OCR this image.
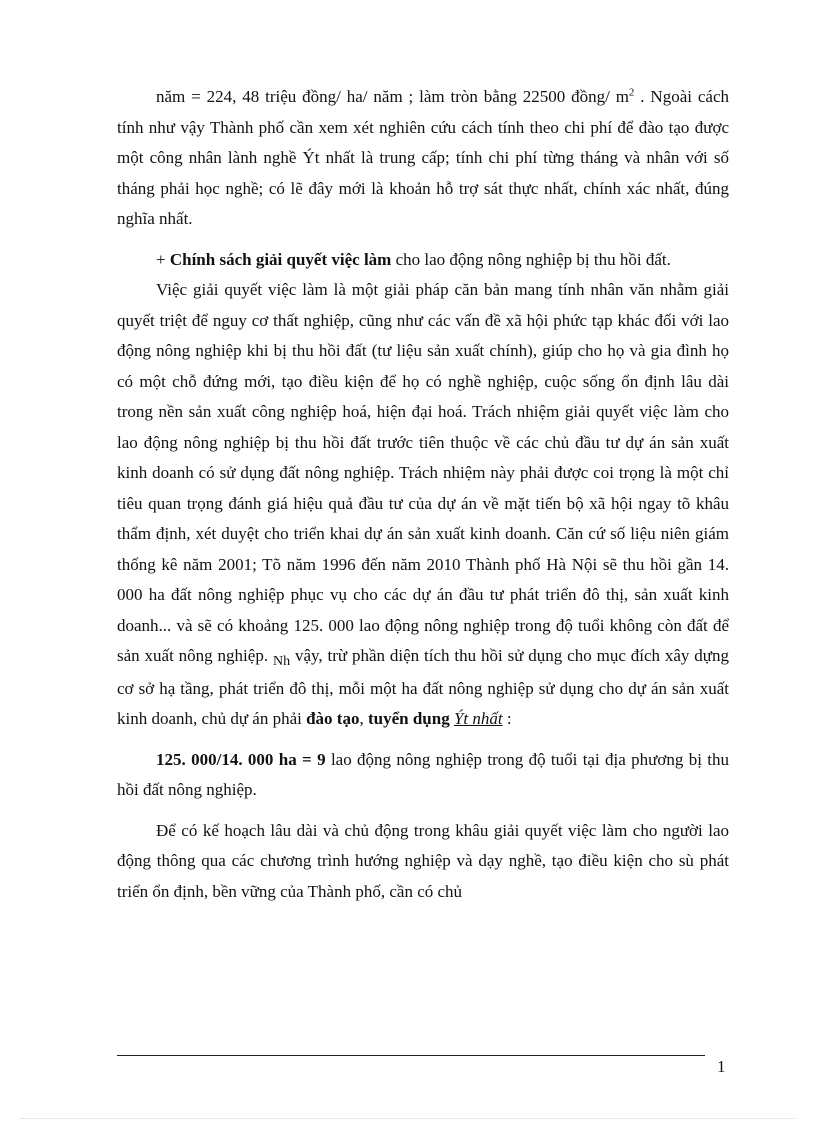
năm = 224, 48 triệu đồng/ ha/ năm ; làm tròn bằng 22500 đồng/ $m^2$ . Ngoài cách tính như vậy Thành phố cần xem xét nghiên cứu cách tính theo chi phí để đào tạo được một công nhân lành nghề Ýt nhất là trung cấp; tính chi phí từng tháng và nhân với số tháng phải học nghề; có lẽ đây mới là khoản hỗ trợ sát thực nhất, chính xác nhất, đúng nghĩa nhất.

+ Chính sách giải quyết việc làm cho lao động nông nghiệp bị thu hồi đất.

Việc giải quyết việc làm là một giải pháp căn bản mang tính nhân văn nhằm giải quyết triệt để nguy cơ thất nghiệp, cũng như các vấn đề xã hội phức tạp khác đối với lao động nông nghiệp khi bị thu hồi đất (tư liệu sản xuất chính), giúp cho họ và gia đình họ có một chỗ đứng mới, tạo điều kiện để họ có nghề nghiệp, cuộc sống ổn định lâu dài trong nền sản xuất công nghiệp hoá, hiện đại hoá. Trách nhiệm giải quyết việc làm cho lao động nông nghiệp bị thu hồi đất trước tiên thuộc về các chủ đầu tư dự án sản xuất kinh doanh có sử dụng đất nông nghiệp. Trách nhiệm này phải được coi trọng là một chỉ tiêu quan trọng đánh giá hiệu quả đầu tư của dự án về mặt tiến bộ xã hội ngay tõ khâu thẩm định, xét duyệt cho triển khai dự án sản xuất kinh doanh. Căn cứ số liệu niên giám thống kê năm 2001; Tõ năm 1996 đến năm 2010 Thành phố Hà Nội sẽ thu hồi gần 14. 000 ha đất nông nghiệp phục vụ cho các dự án đầu tư phát triển đô thị, sản xuất kinh doanh... và sẽ có khoảng 125. 000 lao động nông nghiệp trong độ tuổi không còn đất để sản xuất nông nghiệp. $_{Nh}$ vậy, trừ phần diện tích thu hồi sử dụng cho mục đích xây dựng cơ sở hạ tầng, phát triển đô thị, mỗi một ha đất nông nghiệp sử dụng cho dự án sản xuất kinh doanh, chủ dự án phải đào tạo, tuyển dụng Ýt nhất :

125. 000/14. 000 ha = 9 lao động nông nghiệp trong độ tuổi tại địa phương bị thu hồi đất nông nghiệp.

Để có kế hoạch lâu dài và chủ động trong khâu giải quyết việc làm cho người lao động thông qua các chương trình hướng nghiệp và dạy nghề, tạo điều kiện cho sù phát triển ổn định, bền vững của Thành phố, cần có chủ

1
